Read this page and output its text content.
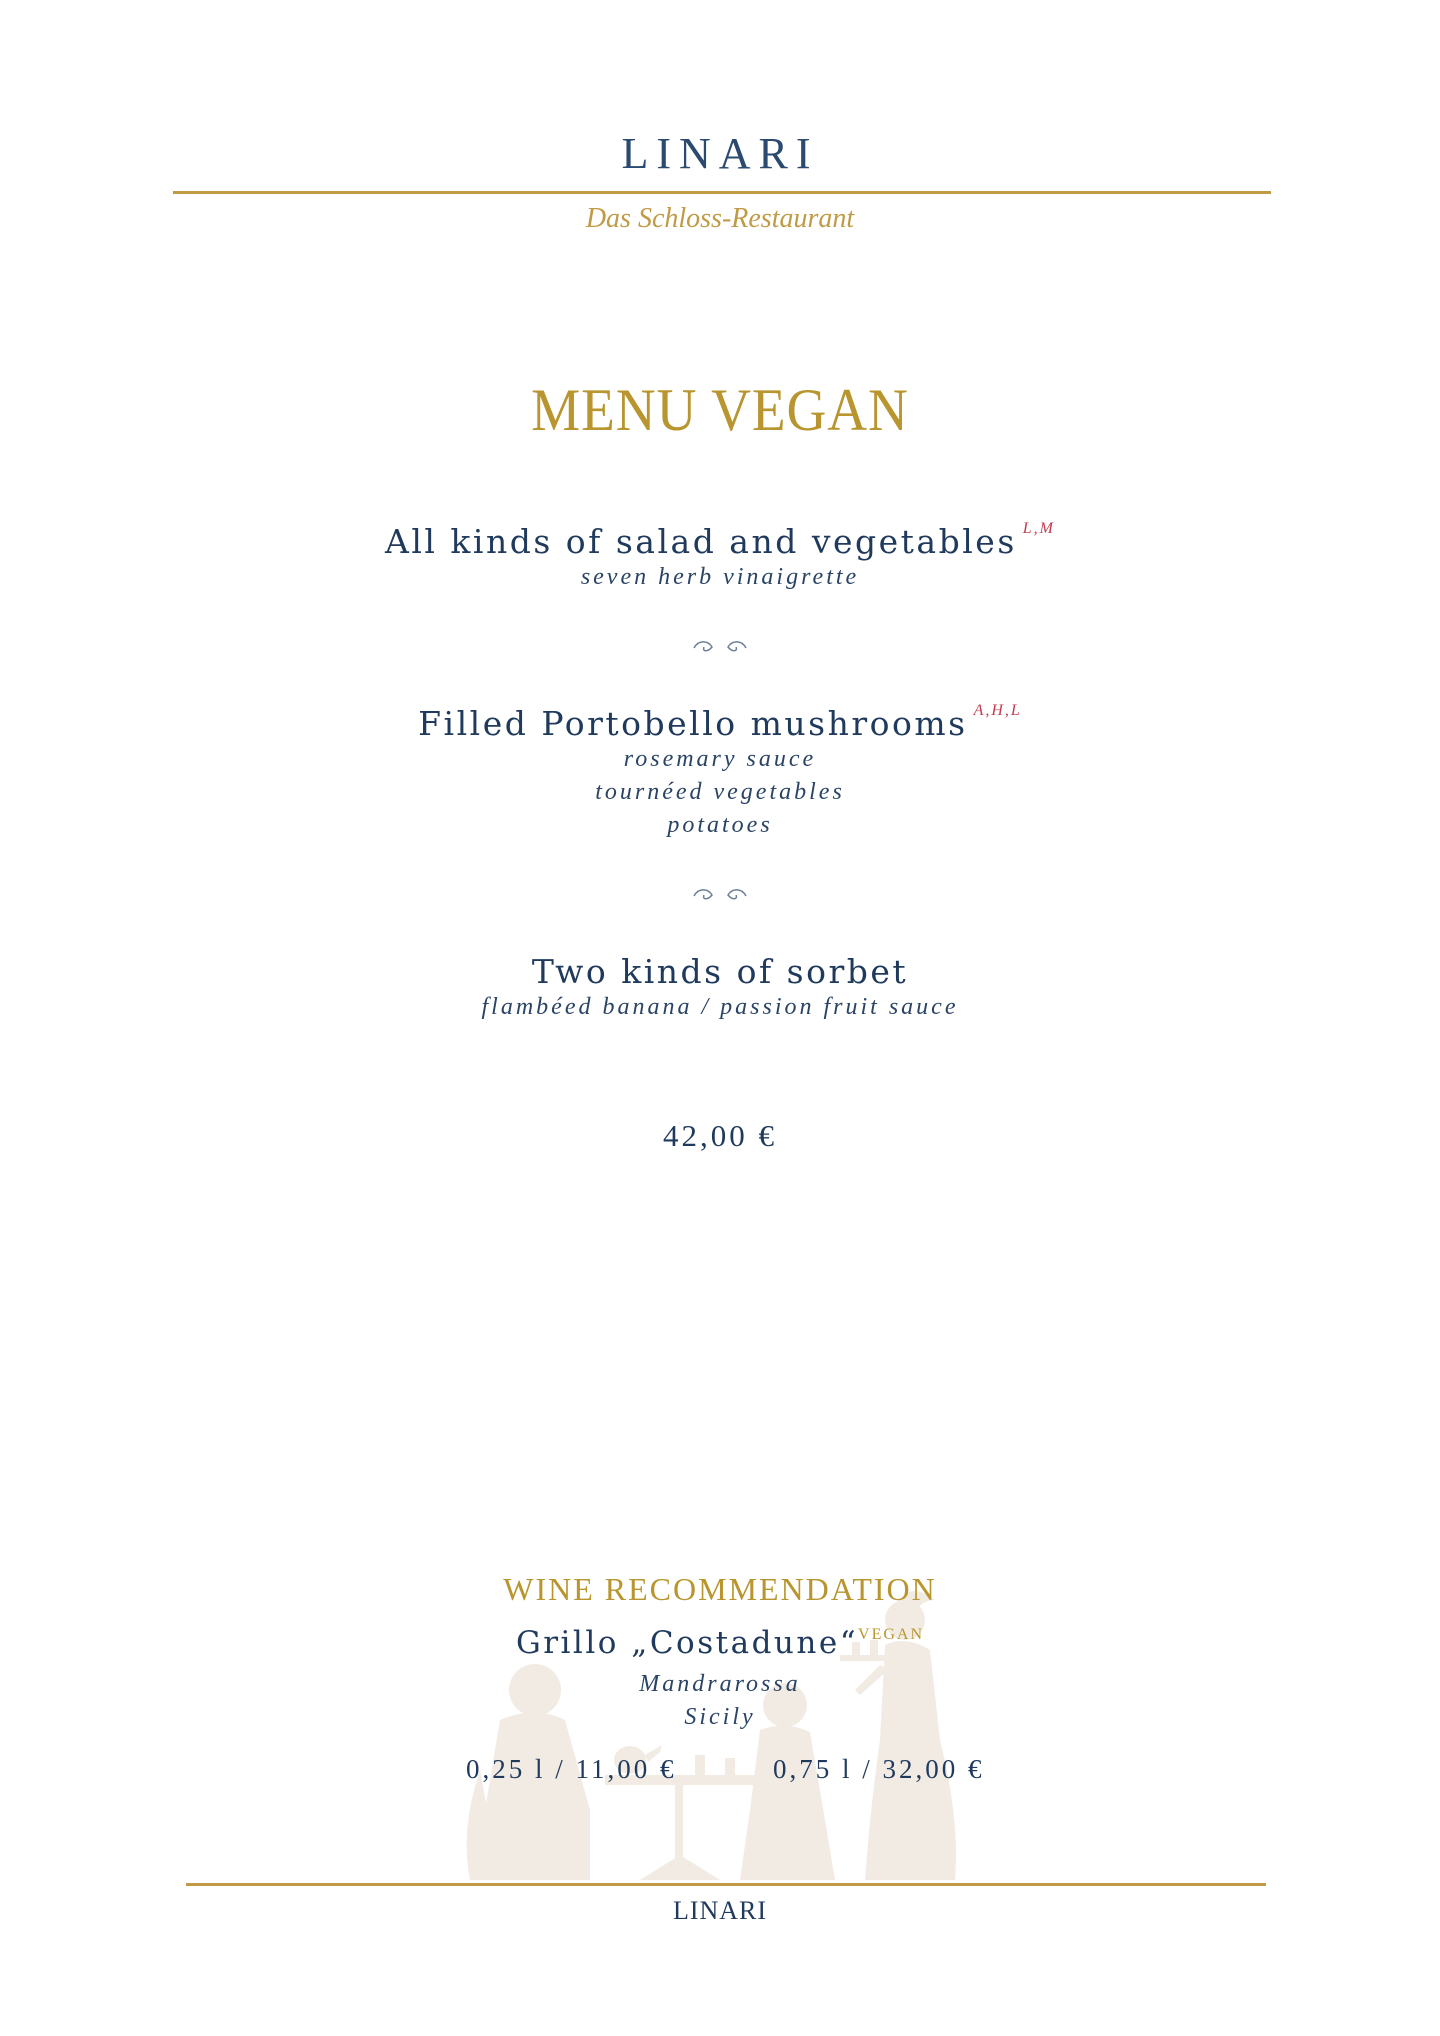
LINARI
Das Schloss-Restaurant
MENU VEGAN
All kinds of salad and vegetables $^{L,M}$
seven herb vinaigrette
Filled Portobello mushrooms $^{A,H,L}$
rosemary sauce
tournéed vegetables
potatoes
Two kinds of sorbet
flambéed banana / passion fruit sauce
42,00 €
WINE RECOMMENDATION
Grillo „Costadune“$^{VEGAN}$
Mandrarossa
Sicily
0,25 l / 11,00 €	0,75 l / 32,00 €
LINARI
